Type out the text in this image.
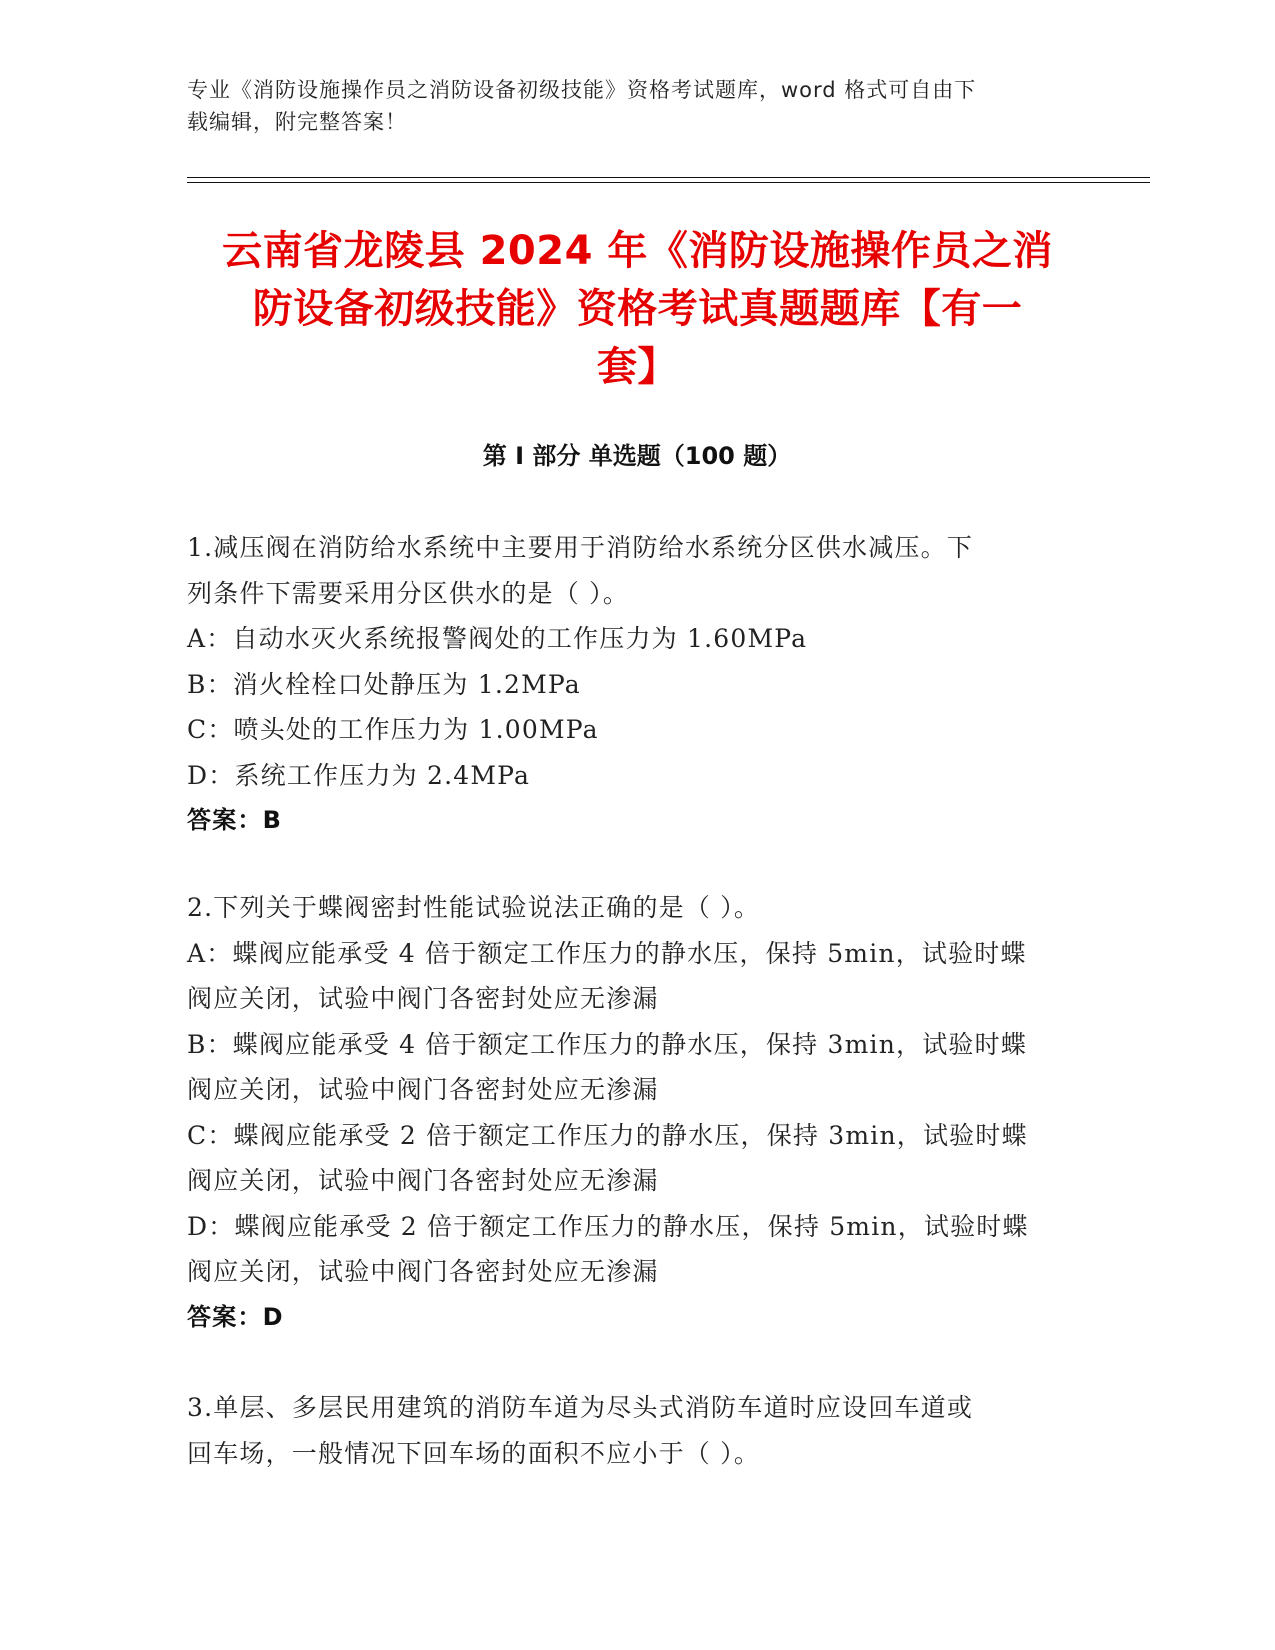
专业《消防设施操作员之消防设备初级技能》资格考试题库，word 格式可自由下
载编辑，附完整答案！
云南省龙陵县 2024 年《消防设施操作员之消
防设备初级技能》资格考试真题题库【有一
套】
第 I 部分 单选题（100 题）
1.减压阀在消防给水系统中主要用于消防给水系统分区供水减压。下
列条件下需要采用分区供水的是（ ）。
A：自动水灭火系统报警阀处的工作压力为 1.60MPa
B：消火栓栓口处静压为 1.2MPa
C：喷头处的工作压力为 1.00MPa
D：系统工作压力为 2.4MPa
答案：B
2.下列关于蝶阀密封性能试验说法正确的是（ ）。
A：蝶阀应能承受 4 倍于额定工作压力的静水压，保持 5min，试验时蝶
阀应关闭，试验中阀门各密封处应无渗漏
B：蝶阀应能承受 4 倍于额定工作压力的静水压，保持 3min，试验时蝶
阀应关闭，试验中阀门各密封处应无渗漏
C：蝶阀应能承受 2 倍于额定工作压力的静水压，保持 3min，试验时蝶
阀应关闭，试验中阀门各密封处应无渗漏
D：蝶阀应能承受 2 倍于额定工作压力的静水压，保持 5min，试验时蝶
阀应关闭，试验中阀门各密封处应无渗漏
答案：D
3.单层、多层民用建筑的消防车道为尽头式消防车道时应设回车道或
回车场，一般情况下回车场的面积不应小于（ ）。
